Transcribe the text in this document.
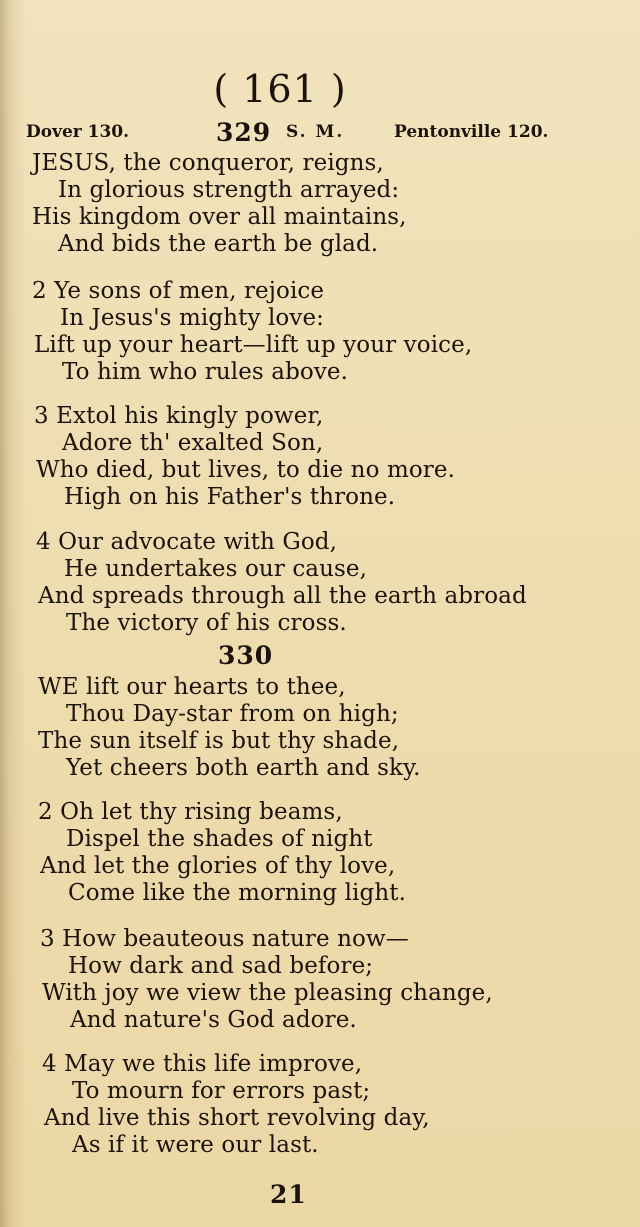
( 161 )
Dover 130.	329 S. M.	Pentonville 120.
JESUS, the conqueror, reigns,
In glorious strength arrayed:
His kingdom over all maintains,
And bids the earth be glad.
2 Ye sons of men, rejoice
In Jesus's mighty love:
Lift up your heart—lift up your voice,
To him who rules above.
3 Extol his kingly power,
Adore th' exalted Son,
Who died, but lives, to die no more.
High on his Father's throne.
4 Our advocate with God,
He undertakes our cause,
And spreads through all the earth abroad
The victory of his cross.
330
WE lift our hearts to thee,
Thou Day-star from on high;
The sun itself is but thy shade,
Yet cheers both earth and sky.
2 Oh let thy rising beams,
Dispel the shades of night
And let the glories of thy love,
Come like the morning light.
3 How beauteous nature now—
How dark and sad before;
With joy we view the pleasing change,
And nature's God adore.
4 May we this life improve,
To mourn for errors past;
And live this short revolving day,
As if it were our last.
21
